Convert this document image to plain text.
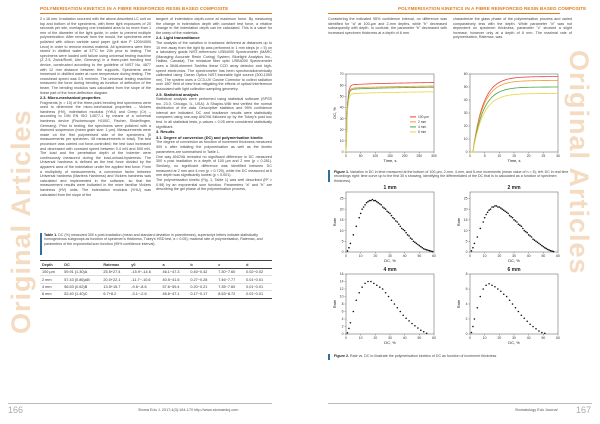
POLYMERISATION KINETICS IN A FIBRE REINFORCED RESIN BASED COMPOSITE
Original Articles

2 x 16 mm. Irradiation occurred with the above-described LC unit on top and bottom of the specimens, with three light exposures of 20 seconds per site, overlapping one irradiated area to no more than 1 mm of the diameter of the light guide, in order to prevent multiple polymerization. After removal from the mould, the specimens were polished with silicon carbide sand paper (grit size P 1200/4000 Leco) in order to remove excess material. All specimens were then stored in distilled water at 37°C for 24h prior to testing. The specimens were loaded until failure using universal testing machine (Z 2.5, Zwick/Roell, Ulm, Germany) in a three-point bending test device, constructed according to the guideline of NIST No. 4877 with 12 mm distance between the supports. Specimens were immersed in distilled water at room temperature during testing. The crosshead speed was 0.5 mm/min. The universal testing machine measured the force during bending as function of deflection of the beam. The bending modulus was calculated from the slope of the linear part of the force-deflection diagram.

2.3. Micro-mechanical properties

Fragments (n = 10) of the three-point bending test specimens were used to determine the micro-mechanical properties – Vickers hardness (HV), indentation modulus (YHU) and Creep (Cr) – according to DIN EN ISO 14577-1 by means of a universal hardness device (Fischerscope H100C, Fischer, Sindelfingen, Germany). Prior to testing, the specimens were polished with a diamond suspension (mean grain size: 1 µm). Measurements were made on the first polymerised side of the specimens (5 measurements per specimen, 45 measurements in total). The test procedure was carried out force-controlled; the test load increased and decreased with constant speed between 0.4 mN and 500 mN. The load and the penetration depth of the indenter were continuously measured during the load-unload-hysteresis. The Universal hardness is defined as the test force divided by the apparent area of the indentation under the applied test force. From a multiplicity of measurements, a conversion factor between Universal hardness (Martens Hardness) and Vickers hardness was calculated and implemented in the software, so that the measurement results were indicated in the more familiar Vickers hardness (HV) units. The indentation modulus (YHU) was calculated from the slope of the

tangent of indentation depth-curve at maximum force. By measuring the change in indentation depth with constant test force, a relative change in the indentation depth can be calculated. This is a value for the creep of the materials.

2.4. Light transmittance

The analysis of the variation in irradiance delivered at distances up to 10 mm away from the light tip was performed in 1 mm steps (n = 5) on a laboratory grade NIST-referenced USB4000 Spectrometer (MARC (Managing Accurate Resin Curing) System, Bluelight Analytics Inc., Halifax, Canada). The miniature fiber optic USB4000 Spectrometer uses a 3648-element Toshiba linear CCD array detector and high-speed electronics. The spectrometer has been spectroradiometrically calibrated using Ocean Optics NIST-traceable light source (300-1050 nm). The system uses a CC3-UV Cosine Corrector to collect radiation over 180° field of view thus mitigating the effects of optical interference associated with light collection sampling geometry.

2.5. Statistical analysis

Statistical analysis were performed using statistical software (SPSS Inc. 23.0, Chicago, IL, USA). A Shapiro-Wilk test verified the normal distribution of the data. Descriptive statistics and 95% confidence interval are indicated. DC and irradiance results were statistically compared using one-way ANOVA followed up by the Tukey's post hoc test. In all statistical tests, p-values < 0.05 were considered statistically significant.

3. Results
3.1. Degree of conversion (DC) and polymerisation kinetic

The degree of conversion as function of increment thickness measured 300 s after initiating the polymerisation as well as the kinetic parameters are summarised in Table 1.

One way ANOVA revealed no significant difference in DC measured 300 s post irradiation in a depth of 100 µm and 2 mm (p = 0.281). Similarly, no significant difference was identified between DC measured at 2 mm and 4 mm (p = 0.729), while the DC measured at 6 mm depth was significantly lowest (p < 0.001).

The polymerisation kinetic (Fig. 1, Table 1) was well described (R² > 0.98) by an exponential sum function. Parameters "a" and "b" are describing the gel phase of the polymerisation process,

Table 1. DC (%) measured 300 s post-irradiation (mean and standard deviation in parentheses), superscript letters indicate statistically homogeneous subgroups as function of specimen's thickness, Tukey's HSD test, α = 0.05); maximal rate of polymerisation, Ratemax, and parameters of the exponential sum function (95% confidence interval).
Depth	DC	Ratemax	y0	a	b	c	d
100 µm	59.91 (1.30)A	25.5+27.4	-15.9~-14.6	46.1~47.3	0.40~0.42	7.30~7.60	0.02~0.02
2 mm	57.43 (0.86)AB	20.0+22.1	-11.7~-10.6	40.5~41.6	0.27~0.28	7.46~7.77	0.01~0.01
4 mm	56.53 (0.62)B	13.5+15.7	-9.6~-8.6	57.6~59.4	0.20~0.21	7.35~7.60	0.01~0.01
6 mm	52.40 (1.40)C	6.7+8.2	-3.1~-2.6	46.6~47.1	0.17~0.17	8.53~8.72	0.01~0.01
166	Stoma Edu J. 2017;4(3):164-170 http://www.stomaeduj.com
POLYMERISATION KINETICS IN A FIBRE REINFORCED RESIN BASED COMPOSITE
Original Articles

Considering the indicated 95% confidence interval, no difference was identified for "a" at 100-µm and 2-mm depths, while "b" decreased subsequently with depth. In contrast, the parameter "b" decreased with increased specimen thickness at a depth of 6 mm.

characterize the glass phase of the polymerisation process and varied comparatively less with the depth. While parameter "d" was not dependent on specimen thickness, parameter "c" showed a slight increase, however only at a depth of 6 mm. The maximal rate of polymerisation, Ratemax, was

0	50	100	150	200	250	300
0
10
20
30
40
50
60
70
Time, s
DC, %
0	5	10	15	20	25	30
0
10
20
30
40
50
60
Time, s
100 µm
2 mm
4 mm
6 mm
Figure 1. Variation in DC in time measured at the bottom of 100-µm, 2-mm, 4-mm, and 6-mm increments (mean value of n = 6); left: DC in real time recordings right: time curve up to the first 30 s showing, identifying the differentiated of the DC that is to calculated as a function of specimen thickness).
0	10	20	30	40	50	60
0
5
10
15
20
25
DC, %
Rate
1 mm
0	10	20	30	40	50	60
0
5
10
15
20
25
DC, %
Rate
2 mm
0	10	20	30	40	50	60
0
2
4
6
8
10
12
14
16
DC, %
Rate
4 mm
0	10	20	30	40	50	60
0
2
4
6
8
DC, %
Rate
6 mm
Figure 2. Rate vs. DC to illustrate the polymerisation kinetics of DC as function of increment thickness.
Stomatology Edu Journal 167
